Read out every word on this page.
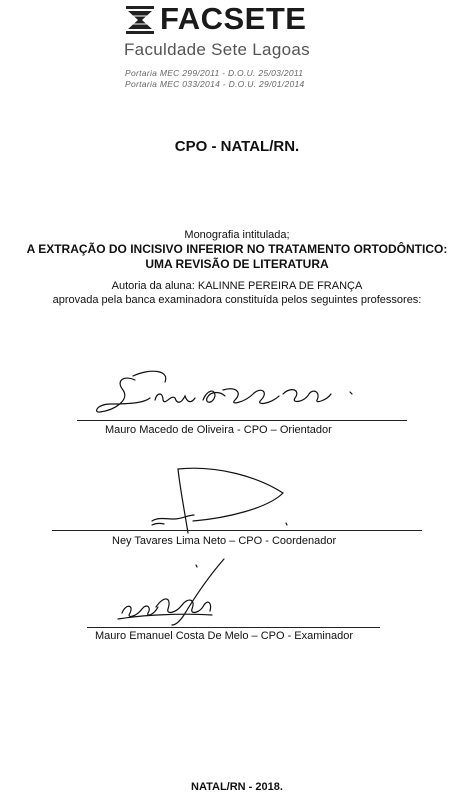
FACSETE
Faculdade Sete Lagoas
Portaria MEC 299/2011 - D.O.U. 25/03/2011
Portaria MEC 033/2014 - D.O.U. 29/01/2014
CPO - NATAL/RN.
Monografia intitulada;
A EXTRAÇÃO DO INCISIVO INFERIOR NO TRATAMENTO ORTODÔNTICO:
UMA REVISÃO DE LITERATURA
Autoria da aluna: KALINNE PEREIRA DE FRANÇA
aprovada pela banca examinadora constituída pelos seguintes professores:
Mauro Macedo de Oliveira - CPO – Orientador
Ney Tavares Lima Neto – CPO - Coordenador
Mauro Emanuel Costa De Melo – CPO - Examinador
NATAL/RN - 2018.
